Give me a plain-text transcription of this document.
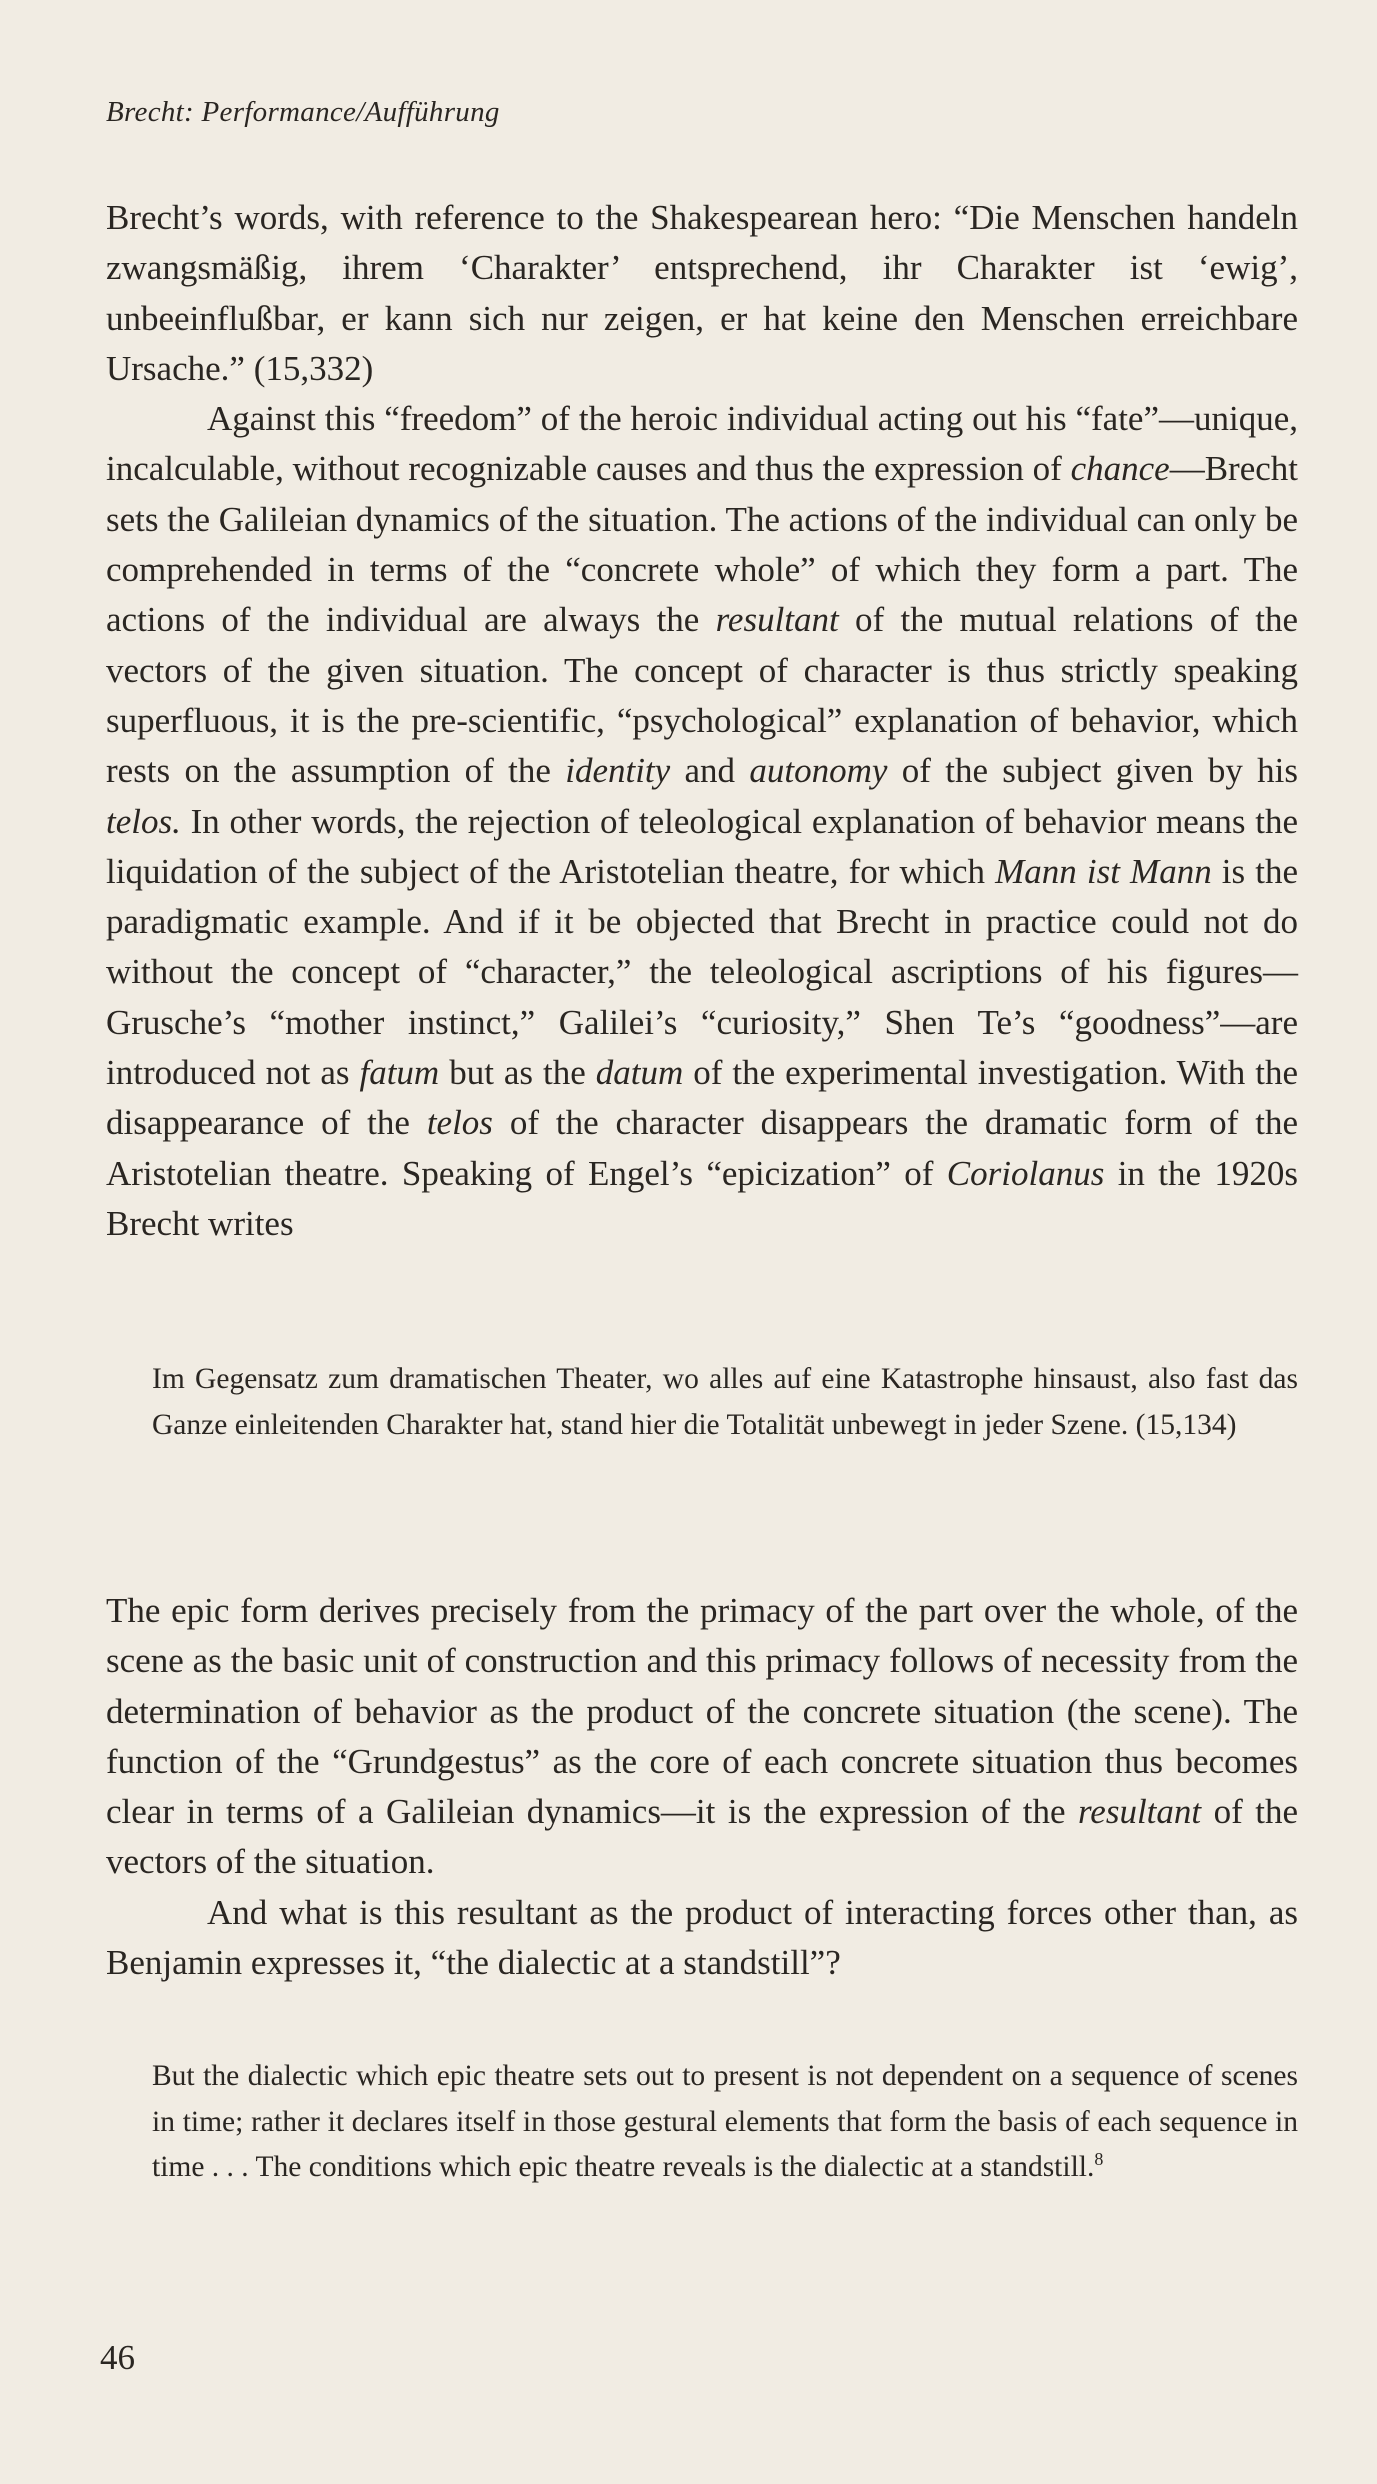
Brecht: Performance/Aufführung

Brecht’s words, with reference to the Shakespearean hero: “Die Menschen handeln zwangsmäßig, ihrem ‘Charakter’ entsprechend, ihr Charakter ist ‘ewig’, unbeeinflußbar, er kann sich nur zeigen, er hat keine den Menschen erreichbare Ursache.” (15,332)

Against this “freedom” of the heroic individual acting out his “fate”—unique, incalculable, without recognizable causes and thus the expression of chance—Brecht sets the Galileian dynamics of the situation. The actions of the individual can only be comprehended in terms of the “concrete whole” of which they form a part. The actions of the individual are always the resultant of the mutual relations of the vectors of the given situation. The concept of character is thus strictly speaking superfluous, it is the pre-scientific, “psychological” explanation of behavior, which rests on the assumption of the identity and autonomy of the subject given by his telos. In other words, the rejection of teleological explanation of behavior means the liquidation of the subject of the Aristotelian theatre, for which Mann ist Mann is the paradigmatic example. And if it be objected that Brecht in practice could not do without the concept of “character,” the teleological ascriptions of his figures—Grusche’s “mother instinct,” Galilei’s “curiosity,” Shen Te’s “goodness”—are introduced not as fatum but as the datum of the experimental investigation. With the disappearance of the telos of the character disappears the dramatic form of the Aristotelian theatre. Speaking of Engel’s “epicization” of Coriolanus in the 1920s Brecht writes

Im Gegensatz zum dramatischen Theater, wo alles auf eine Katastrophe hinsaust, also fast das Ganze einleitenden Charakter hat, stand hier die Totalität unbewegt in jeder Szene. (15,134)

The epic form derives precisely from the primacy of the part over the whole, of the scene as the basic unit of construction and this primacy follows of necessity from the determination of behavior as the product of the concrete situation (the scene). The function of the “Grundgestus” as the core of each concrete situation thus becomes clear in terms of a Galileian dynamics—it is the expression of the resultant of the vectors of the situation.

And what is this resultant as the product of interacting forces other than, as Benjamin expresses it, “the dialectic at a standstill”?

But the dialectic which epic theatre sets out to present is not dependent on a sequence of scenes in time; rather it declares itself in those gestural elements that form the basis of each sequence in time . . . The conditions which epic theatre reveals is the dialectic at a standstill.$^8$

46
